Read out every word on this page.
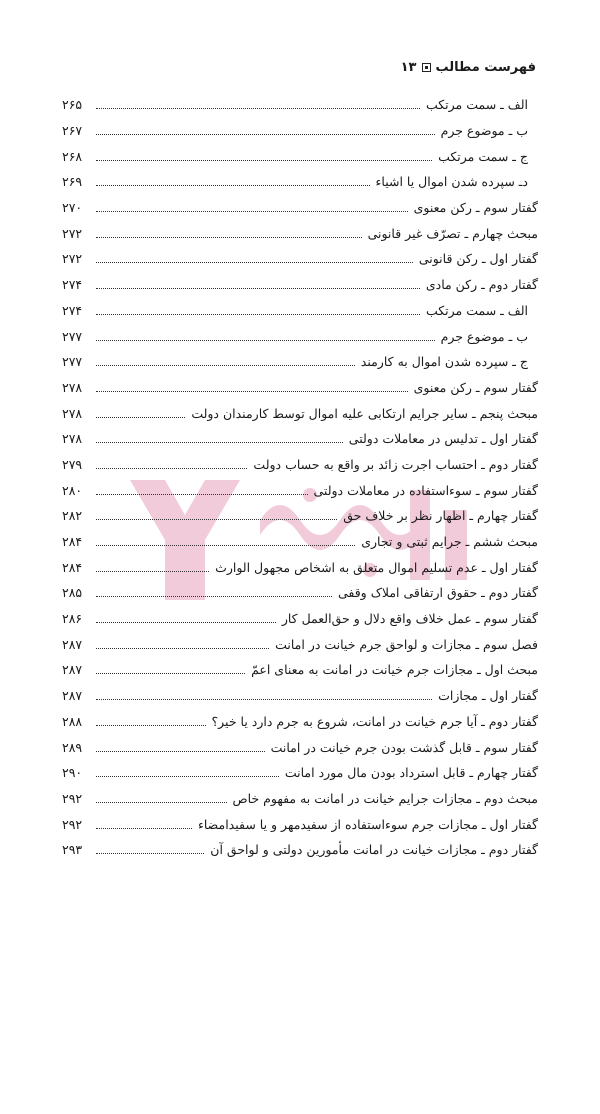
فهرست مطالب
۱۳
الف ـ سمت مرتکب
۲۶۵
ب ـ موضوع جرم
۲۶۷
ج ـ سمت مرتکب
۲۶۸
دـ سپرده شدن اموال یا اشیاء
۲۶۹
گفتار سوم ـ رکن معنوی
۲۷۰
مبحث چهارم ـ تصرّف غیر قانونی
۲۷۲
گفتار اول ـ رکن قانونی
۲۷۲
گفتار دوم ـ رکن مادی
۲۷۴
الف ـ سمت مرتکب
۲۷۴
ب ـ موضوع جرم
۲۷۷
ج ـ سپرده شدن اموال به کارمند
۲۷۷
گفتار سوم ـ رکن معنوی
۲۷۸
مبحث پنجم ـ سایر جرایم ارتکابی علیه اموال توسط کارمندان دولت
۲۷۸
گفتار اول ـ تدلیس در معاملات دولتی
۲۷۸
گفتار دوم ـ احتساب اجرت زائد بر واقع به حساب دولت
۲۷۹
گفتار سوم ـ سوءاستفاده در معاملات دولتی
۲۸۰
گفتار چهارم ـ اظهار نظر بر خلاف حق
۲۸۲
مبحث ششم ـ جرایم ثبتی و تجاری
۲۸۴
گفتار اول ـ عدم تسلیم اموال متعلق به اشخاص مجهول الوارث
۲۸۴
گفتار دوم ـ حقوق ارتفاقی املاک وقفی
۲۸۵
گفتار سوم ـ عمل خلاف واقع دلال و حق‌العمل کار
۲۸۶
فصل سوم ـ مجازات و لواحق جرم خیانت در امانت
۲۸۷
مبحث اول ـ مجازات جرم خیانت در امانت به معنای اعمّ
۲۸۷
گفتار اول ـ مجازات
۲۸۷
گفتار دوم ـ آیا جرم خیانت در امانت، شروع به جرم دارد یا خیر؟
۲۸۸
گفتار سوم ـ قابل گذشت بودن جرم خیانت در امانت
۲۸۹
گفتار چهارم ـ قابل استرداد بودن مال مورد امانت
۲۹۰
مبحث دوم ـ مجازات جرایم خیانت در امانت به مفهوم خاص
۲۹۲
گفتار اول ـ مجازات جرم سوءاستفاده از سفیدمهر و یا سفیدامضاء
۲۹۲
گفتار دوم ـ مجازات خیانت در امانت مأمورین دولتی و لواحق آن
۲۹۳
